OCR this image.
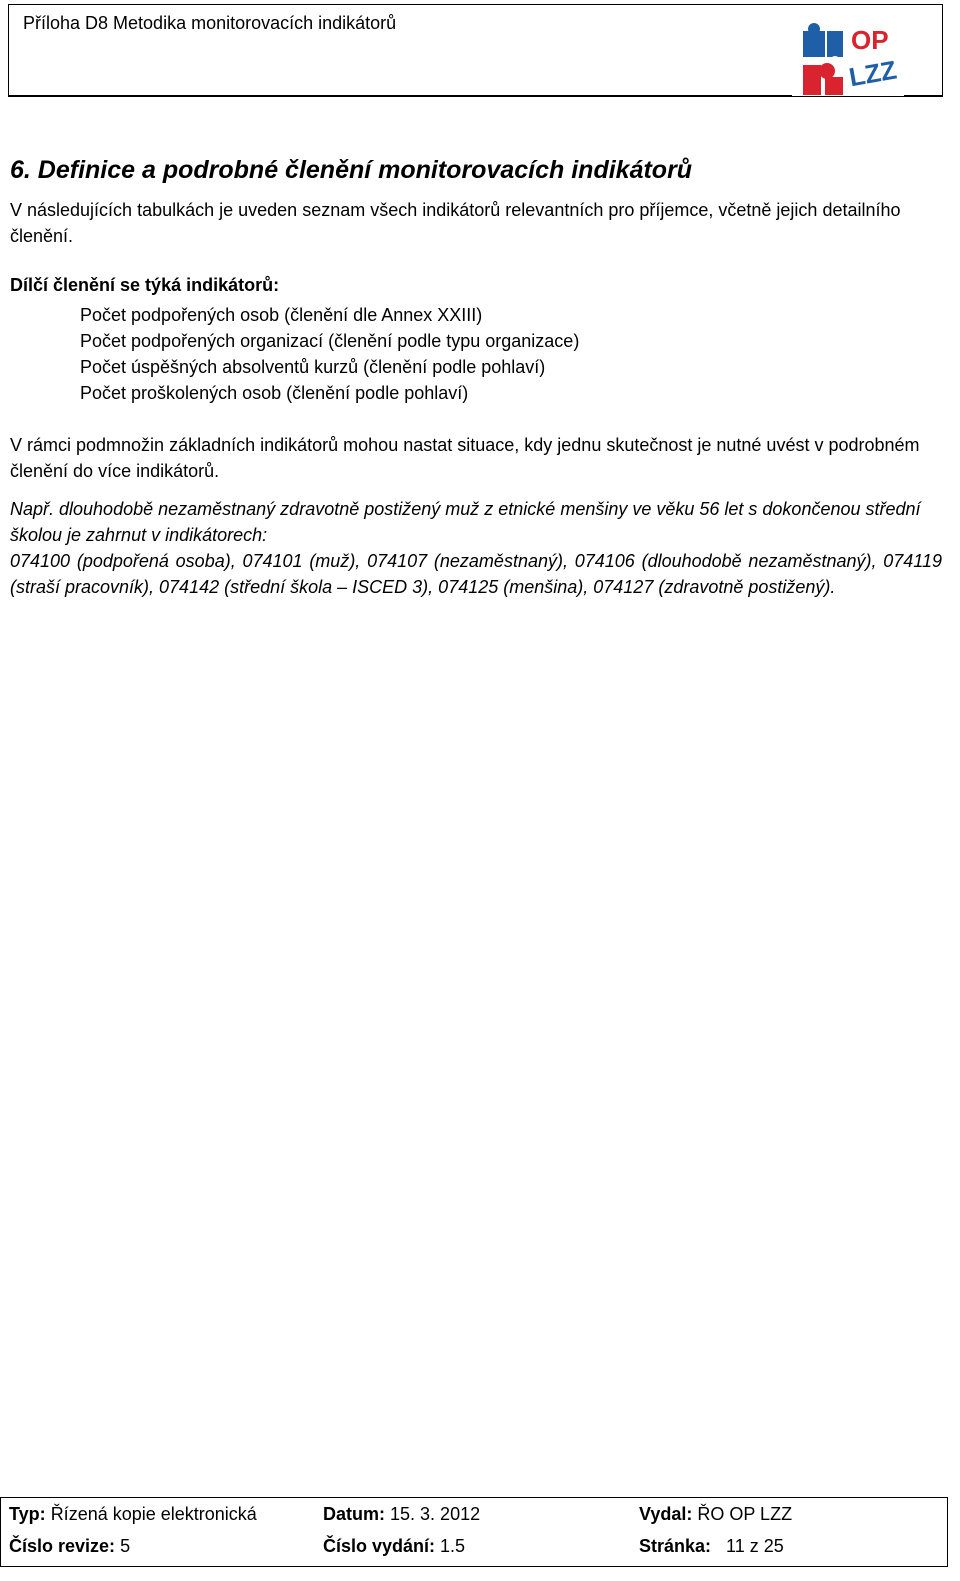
Příloha D8 Metodika monitorovacích indikátorů
OP
LZZ
6. Definice a podrobné členění monitorovacích indikátorů

V následujících tabulkách je uveden seznam všech indikátorů relevantních pro příjemce, včetně jejich detailního členění.

Dílčí členění se týká indikátorů:
Počet podpořených osob (členění dle Annex XXIII)
Počet podpořených organizací (členění podle typu organizace)
Počet úspěšných absolventů kurzů (členění podle pohlaví)
Počet proškolených osob (členění podle pohlaví)

V rámci podmnožin základních indikátorů mohou nastat situace, kdy jednu skutečnost je nutné uvést v podrobném členění do více indikátorů.

Např. dlouhodobě nezaměstnaný zdravotně postižený muž z etnické menšiny ve věku 56 let s dokončenou střední školou je zahrnut v indikátorech:

074100 (podpořená osoba), 074101 (muž), 074107 (nezaměstnaný), 074106 (dlouhodobě nezaměstnaný), 074119 (straší pracovník), 074142 (střední škola – ISCED 3), 074125 (menšina), 074127 (zdravotně postižený).

Typ: Řízená kopie elektronická	Datum: 15. 3. 2012	Vydal: ŘO OP LZZ
Číslo revize: 5	Číslo vydání: 1.5	Stránka: 11 z 25
